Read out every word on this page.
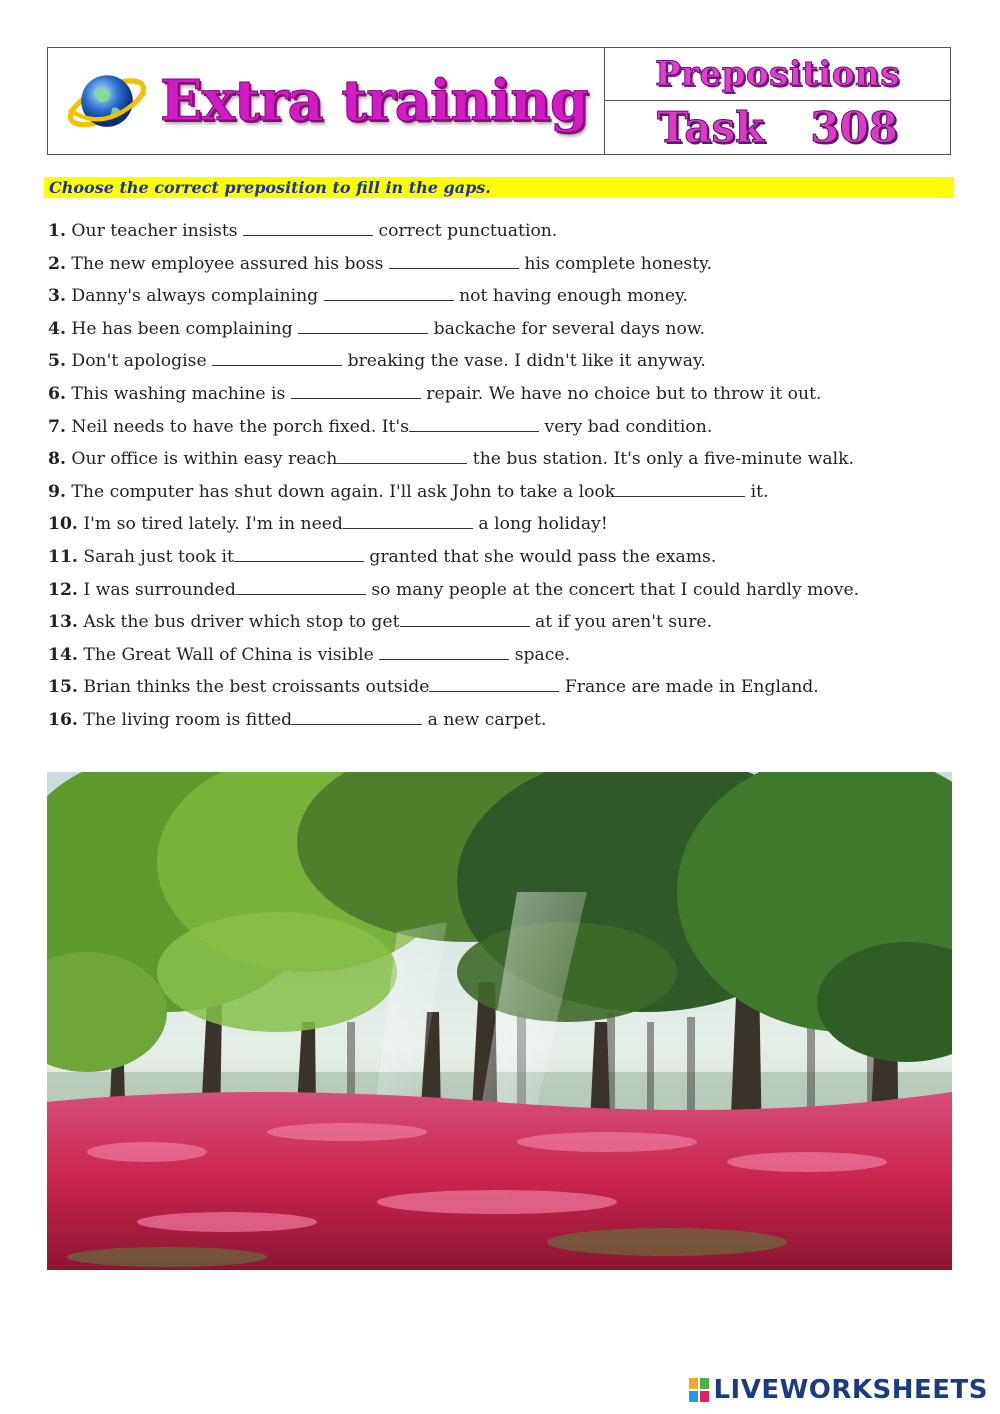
Extra training Prepositions
Task 308
Choose the correct preposition to fill in the gaps.
1. Our teacher insists	correct punctuation.
2. The new employee assured his boss	his complete honesty.
3. Danny's always complaining	not having enough money.
4. He has been complaining	backache for several days now.
5. Don't apologise	breaking the vase. I didn't like it anyway.
6. This washing machine is	repair. We have no choice but to throw it out.
7. Neil needs to have the porch fixed. It's	very bad condition.
8. Our office is within easy reach	the bus station. It's only a five-minute walk.
9. The computer has shut down again. I'll ask John to take a look	it.
10. I'm so tired lately. I'm in need	a long holiday!
11. Sarah just took it	granted that she would pass the exams.
12. I was surrounded	so many people at the concert that I could hardly move.
13. Ask the bus driver which stop to get	at if you aren't sure.
14. The Great Wall of China is visible	space.
15. Brian thinks the best croissants outside	France are made in England.
16. The living room is fitted	a new carpet.
LIVEWORKSHEETS
